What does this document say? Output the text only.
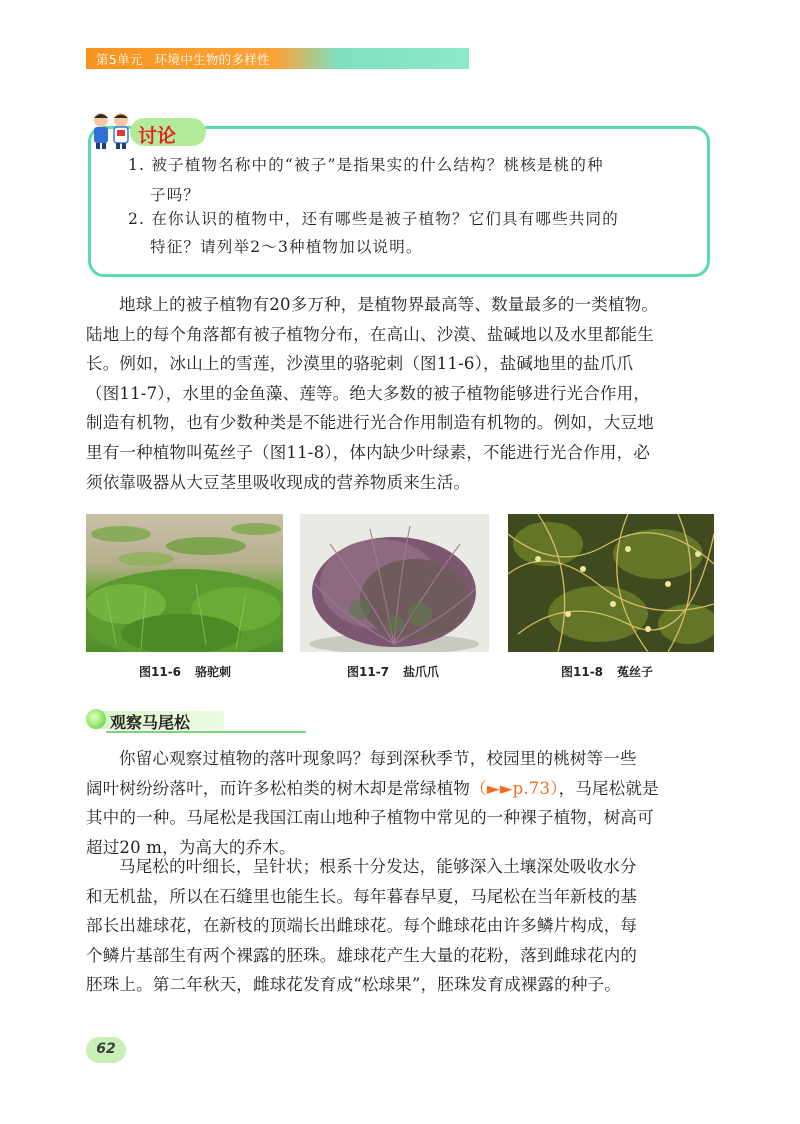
第5单元 环境中生物的多样性
讨论
1. 被子植物名称中的“被子”是指果实的什么结构？桃核是桃的种
子吗？
2. 在你认识的植物中，还有哪些是被子植物？它们具有哪些共同的
特征？请列举2～3种植物加以说明。
地球上的被子植物有20多万种，是植物界最高等、数量最多的一类植物。
陆地上的每个角落都有被子植物分布，在高山、沙漠、盐碱地以及水里都能生
长。例如，冰山上的雪莲，沙漠里的骆驼刺（图11-6），盐碱地里的盐爪爪
（图11-7），水里的金鱼藻、莲等。绝大多数的被子植物能够进行光合作用，
制造有机物，也有少数种类是不能进行光合作用制造有机物的。例如，大豆地
里有一种植物叫菟丝子（图11-8），体内缺少叶绿素，不能进行光合作用，必
须依靠吸器从大豆茎里吸收现成的营养物质来生活。
图11-6 骆驼刺	图11-7 盐爪爪	图11-8 菟丝子
观察马尾松
你留心观察过植物的落叶现象吗？每到深秋季节，校园里的桃树等一些
阔叶树纷纷落叶，而许多松柏类的树木却是常绿植物（►►p.73），马尾松就是
其中的一种。马尾松是我国江南山地种子植物中常见的一种裸子植物，树高可
超过20 m，为高大的乔木。
马尾松的叶细长，呈针状；根系十分发达，能够深入土壤深处吸收水分
和无机盐，所以在石缝里也能生长。每年暮春早夏，马尾松在当年新枝的基
部长出雄球花，在新枝的顶端长出雌球花。每个雌球花由许多鳞片构成，每
个鳞片基部生有两个裸露的胚珠。雄球花产生大量的花粉，落到雌球花内的
胚珠上。第二年秋天，雌球花发育成“松球果”，胚珠发育成裸露的种子。
62
